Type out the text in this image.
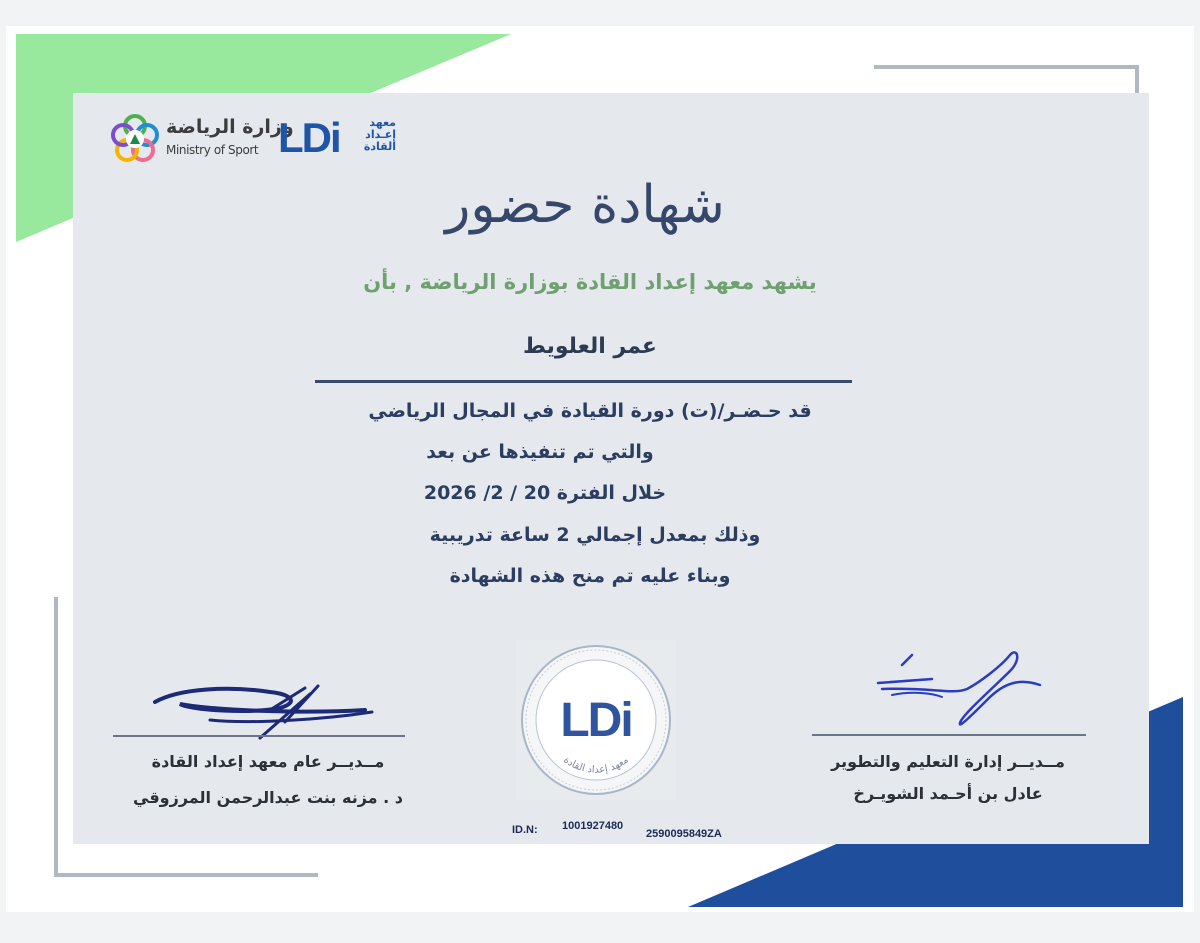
وزارة الرياضة
Ministry of Sport LDi	معهد
إعـداد
القادة
شهادة حضور
يشهد معهد إعداد القادة بوزارة الرياضة , بأن
عمر العلويط
قد حـضـر/(ت) دورة القيادة في المجال الرياضي
والتي تم تنفيذها عن بعد
خلال الفترة 20 / 2/ 2026
وذلك بمعدل إجمالي 2 ساعة تدريبية
وبناء عليه تم منح هذه الشهادة
مــديــر عام معهد إعداد القادة
د . مزنه بنت عبدالرحمن المرزوقي
مــديــر إدارة التعليم والتطوير
عادل بن أحـمد الشويـرخ
LDi
معهد إعداد القادة
ID.N: 1001927480
2590095849ZA
